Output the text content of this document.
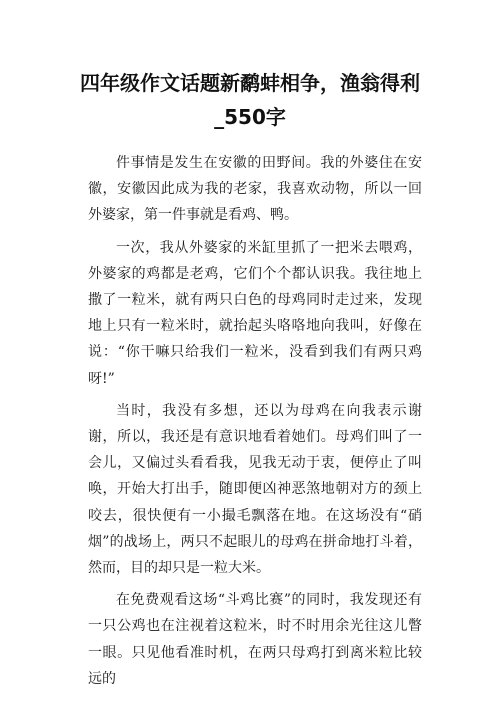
四年级作文话题新鹬蚌相争，渔翁得利_550字

件事情是发生在安徽的田野间。我的外婆住在安徽，安徽因此成为我的老家，我喜欢动物，所以一回外婆家，第一件事就是看鸡、鸭。

一次，我从外婆家的米缸里抓了一把米去喂鸡，外婆家的鸡都是老鸡，它们个个都认识我。我往地上撒了一粒米，就有两只白色的母鸡同时走过来，发现地上只有一粒米时，就抬起头咯咯地向我叫，好像在说：“你干嘛只给我们一粒米，没看到我们有两只鸡呀!”

当时，我没有多想，还以为母鸡在向我表示谢谢，所以，我还是有意识地看着她们。母鸡们叫了一会儿，又偏过头看看我，见我无动于衷，便停止了叫唤，开始大打出手，随即便凶神恶煞地朝对方的颈上咬去，很快便有一小撮毛飘落在地。在这场没有“硝烟”的战场上，两只不起眼儿的母鸡在拼命地打斗着，然而，目的却只是一粒大米。

在免费观看这场“斗鸡比赛”的同时，我发现还有一只公鸡也在注视着这粒米，时不时用余光往这儿瞥一眼。只见他看准时机，在两只母鸡打到离米粒比较远的
